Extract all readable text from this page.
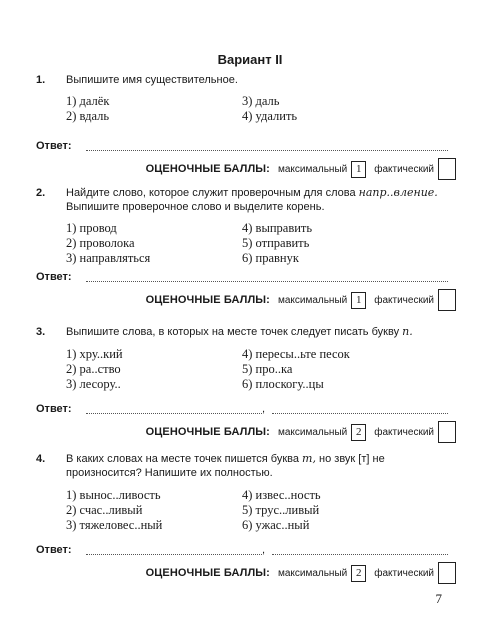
Вариант II
1.	Выпишите имя существительное.
1) далёк
2) вдаль
3) даль
4) удалить
Ответ:
ОЦЕНОЧНЫЕ БАЛЛЫ: максимальный 1	фактический
2.	Найдите слово, которое служит проверочным для слова напр..вление. Выпишите проверочное слово и выделите корень.
1) провод
2) проволока
3) направляться
4) выправить
5) отправить
6) правнук
Ответ:
ОЦЕНОЧНЫЕ БАЛЛЫ: максимальный 1	фактический
3.	Выпишите слова, в которых на месте точек следует писать букву п.
1) хру..кий
2) ра..ство
3) лесору..
4) пересы..ьте песок
5) про..ка
6) плоскогу..цы
Ответ:	,
ОЦЕНОЧНЫЕ БАЛЛЫ: максимальный 2	фактический
4.	В каких словах на месте точек пишется буква т, но звук [т] не произносится? Напишите их полностью.
1) выноc..ливость
2) счас..ливый
3) тяжеловес..ный
4) извес..ность
5) трус..ливый
6) ужас..ный
Ответ:	,
ОЦЕНОЧНЫЕ БАЛЛЫ: максимальный 2	фактический
7
